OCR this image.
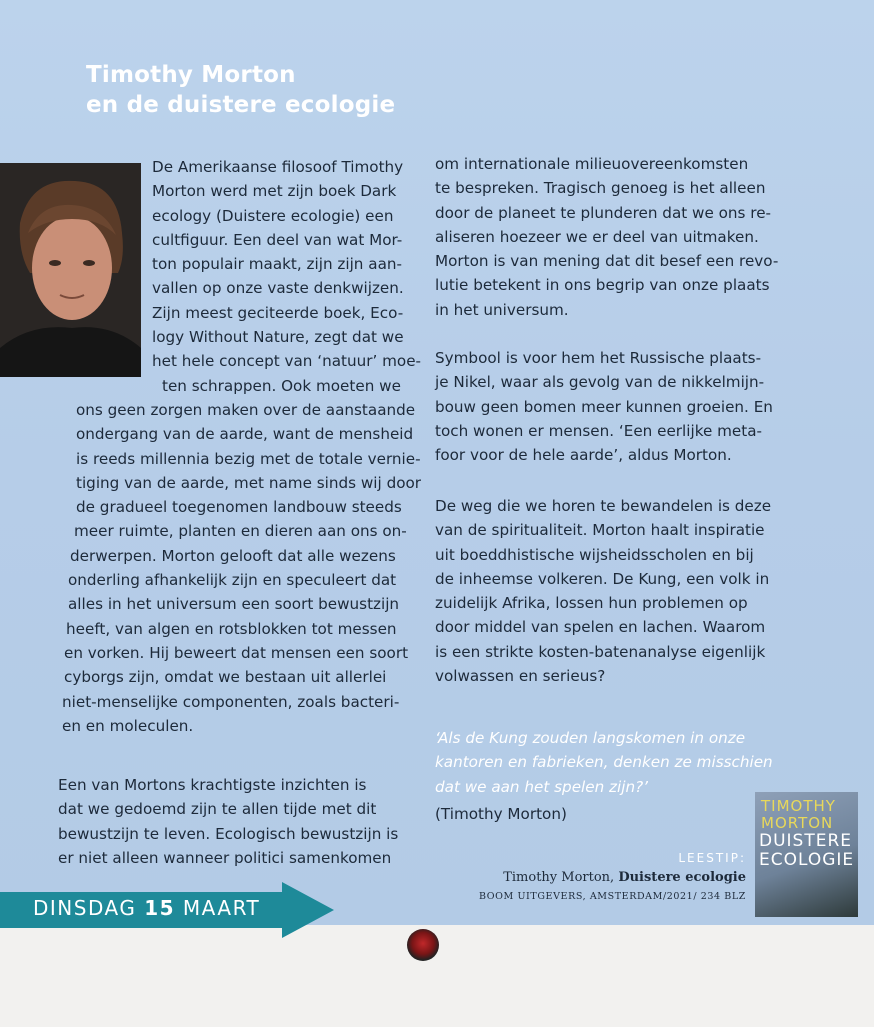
Timothy Morton
en de duistere ecologie
De Amerikaanse filosoof Timothy
Morton werd met zijn boek Dark
ecology (Duistere ecologie) een
cultfiguur. Een deel van wat Mor-
ton populair maakt, zijn zijn aan-
vallen op onze vaste denkwijzen.
Zijn meest geciteerde boek, Eco-
logy Without Nature, zegt dat we
het hele concept van ‘natuur’ moe-
ten schrappen. Ook moeten we
ons geen zorgen maken over de aanstaande
ondergang van de aarde, want de mensheid
is reeds millennia bezig met de totale vernie-
tiging van de aarde, met name sinds wij door
de gradueel toegenomen landbouw steeds
meer ruimte, planten en dieren aan ons on-
derwerpen. Morton gelooft dat alle wezens
onderling afhankelijk zijn en speculeert dat
alles in het universum een soort bewustzijn
heeft, van algen en rotsblokken tot messen
en vorken. Hij beweert dat mensen een soort
cyborgs zijn, omdat we bestaan uit allerlei
niet-menselijke componenten, zoals bacteri-
en en moleculen.
Een van Mortons krachtigste inzichten is
dat we gedoemd zijn te allen tijde met dit
bewustzijn te leven. Ecologisch bewustzijn is
er niet alleen wanneer politici samenkomen
om internationale milieuovereenkomsten
te bespreken. Tragisch genoeg is het alleen
door de planeet te plunderen dat we ons re-
aliseren hoezeer we er deel van uitmaken.
Morton is van mening dat dit besef een revo-
lutie betekent in ons begrip van onze plaats
in het universum.
Symbool is voor hem het Russische plaats-
je Nikel, waar als gevolg van de nikkelmijn-
bouw geen bomen meer kunnen groeien. En
toch wonen er mensen. ‘Een eerlijke meta-
foor voor de hele aarde’, aldus Morton.
De weg die we horen te bewandelen is deze
van de spiritualiteit. Morton haalt inspiratie
uit boeddhistische wijsheidsscholen en bij
de inheemse volkeren. De Kung, een volk in
zuidelijk Afrika, lossen hun problemen op
door middel van spelen en lachen. Waarom
is een strikte kosten-batenanalyse eigenlijk
volwassen en serieus?
‘Als de Kung zouden langskomen in onze
kantoren en fabrieken, denken ze misschien
dat we aan het spelen zijn?’
(Timothy Morton)
LEESTIP:
Timothy Morton, Duistere ecologie
BOOM UITGEVERS, AMSTERDAM/2021/ 234 BLZ
TIMOTHY MORTON
DUISTERE ECOLOGIE
DINSDAG 15 MAART
